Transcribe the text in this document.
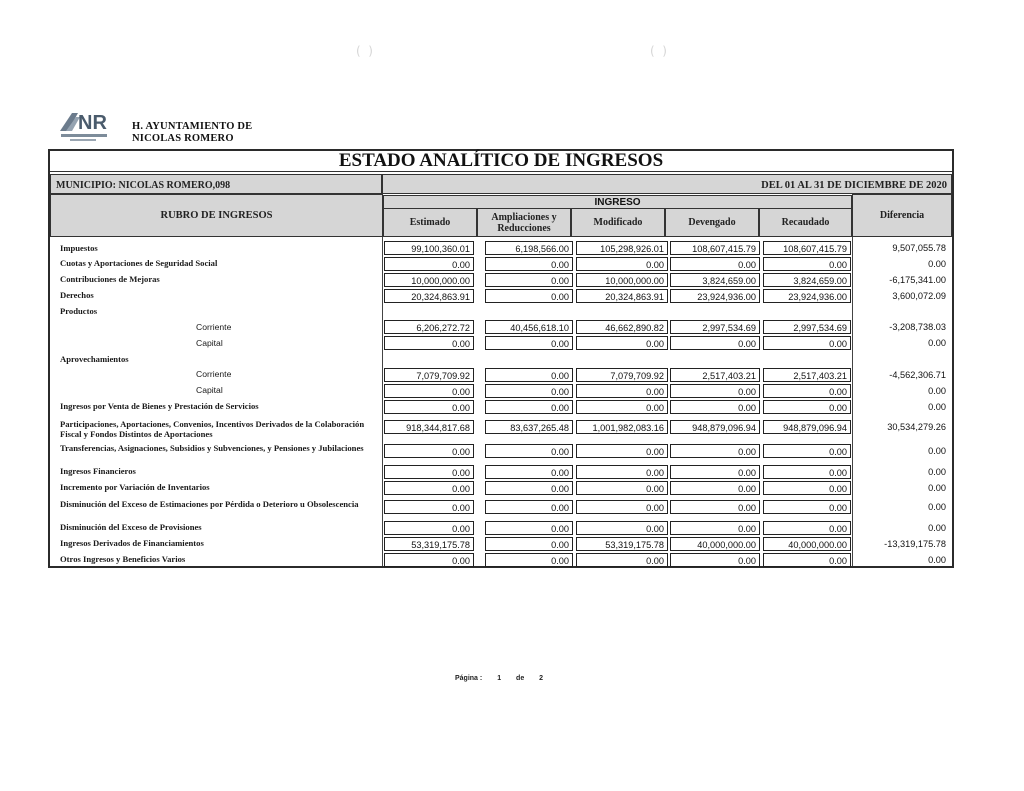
(  )	(  )
NR H. AYUNTAMIENTO DE
NICOLAS ROMERO
ESTADO ANALÍTICO DE INGRESOS
MUNICIPIO: NICOLAS ROMERO,098	DEL 01 AL 31 DE DICIEMBRE DE 2020
RUBRO DE INGRESOS
INGRESO
Estimado	Ampliaciones y Reducciones	Modificado	Devengado	Recaudado
Diferencia
Impuestos	99,100,360.01	6,198,566.00	105,298,926.01	108,607,415.79	108,607,415.79	9,507,055.78
Cuotas y Aportaciones de Seguridad Social	0.00	0.00	0.00	0.00	0.00	0.00
Contribuciones de Mejoras	10,000,000.00	0.00	10,000,000.00	3,824,659.00	3,824,659.00	-6,175,341.00
Derechos	20,324,863.91	0.00	20,324,863.91	23,924,936.00	23,924,936.00	3,600,072.09
Productos
Corriente	6,206,272.72	40,456,618.10	46,662,890.82	2,997,534.69	2,997,534.69	-3,208,738.03
Capital	0.00	0.00	0.00	0.00	0.00	0.00
Aprovechamientos
Corriente	7,079,709.92	0.00	7,079,709.92	2,517,403.21	2,517,403.21	-4,562,306.71
Capital	0.00	0.00	0.00	0.00	0.00	0.00
Ingresos por Venta de Bienes y Prestación de Servicios	0.00	0.00	0.00	0.00	0.00	0.00
Participaciones, Aportaciones, Convenios, Incentivos Derivados de la Colaboración Fiscal y Fondos Distintos de Aportaciones
918,344,817.68	83,637,265.48	1,001,982,083.16	948,879,096.94	948,879,096.94	30,534,279.26
Transferencias, Asignaciones, Subsidios y Subvenciones, y Pensiones y Jubilaciones	0.00	0.00	0.00	0.00	0.00	0.00
Ingresos Financieros	0.00	0.00	0.00	0.00	0.00	0.00
Incremento por Variación de Inventarios	0.00	0.00	0.00	0.00	0.00	0.00
Disminución del Exceso de Estimaciones por Pérdida o Deterioro u Obsolescencia	0.00	0.00	0.00	0.00	0.00	0.00
Disminución del Exceso de Provisiones	0.00	0.00	0.00	0.00	0.00	0.00
Ingresos Derivados de Financiamientos	53,319,175.78	0.00	53,319,175.78	40,000,000.00	40,000,000.00	-13,319,175.78
Otros Ingresos y Beneficios Varios	0.00	0.00	0.00	0.00	0.00	0.00
Página : 1 de 2
